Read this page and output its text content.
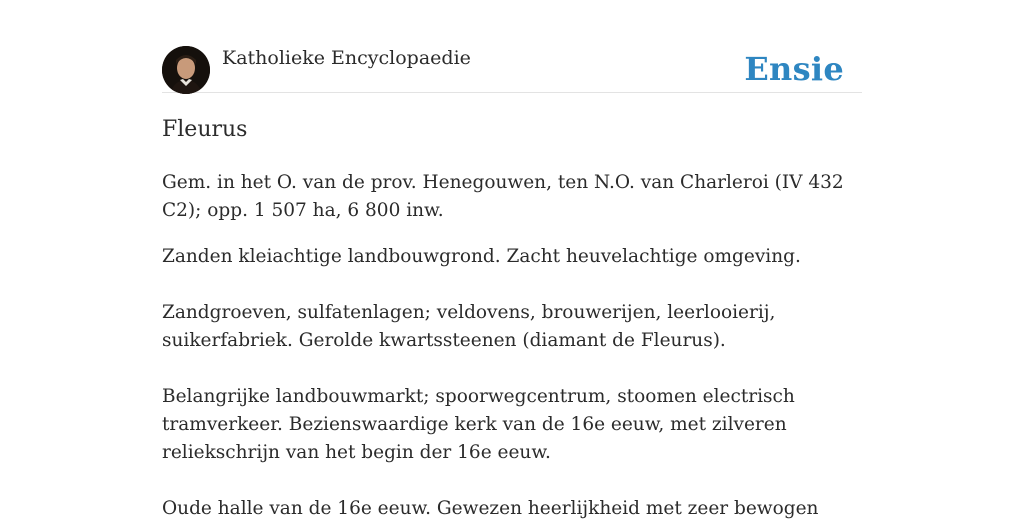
Katholieke Encyclopaedie	Ensie
Fleurus

Gem. in het O. van de prov. Henegouwen, ten N.O. van Charleroi (IV 432 C2); opp. 1 507 ha, 6 800 inw.

Zanden kleiachtige landbouwgrond. Zacht heuvelachtige omgeving.

Zandgroeven, sulfatenlagen; veldovens, brouwerijen, leerlooierij, suikerfabriek. Gerolde kwartssteenen (diamant de Fleurus).

Belangrijke landbouwmarkt; spoorwegcentrum, stoomen electrisch tramverkeer. Bezienswaardige kerk van de 16e eeuw, met zilveren reliekschrijn van het begin der 16e eeuw.

Oude halle van de 16e eeuw. Gewezen heerlijkheid met zeer bewogen
